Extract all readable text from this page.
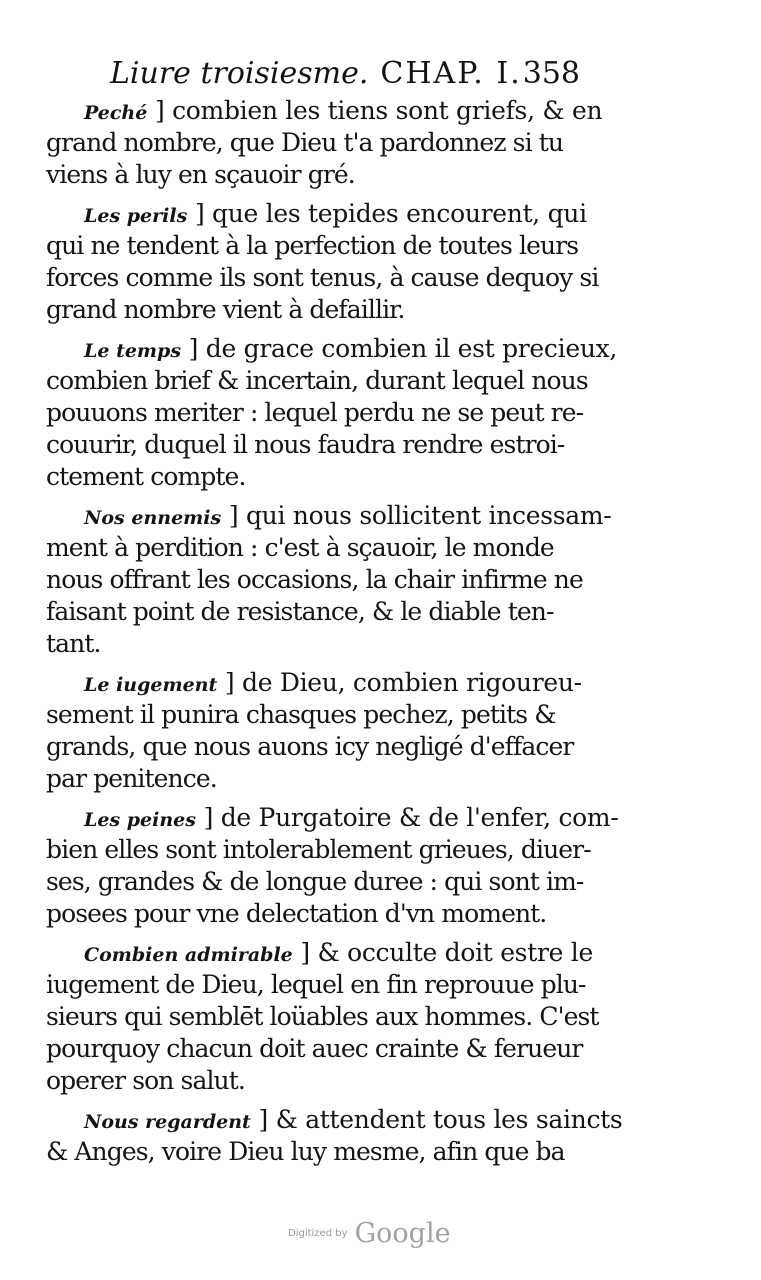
Liure troisiesme. CHAP. I. 358
Peché ] combien les tiens sont griefs, & en
grand nombre, que Dieu t'a pardonnez si tu
viens à luy en sçauoir gré.
Les perils ] que les tepides encourent, qui
qui ne tendent à la perfection de toutes leurs
forces comme ils sont tenus, à cause dequoy si
grand nombre vient à defaillir.
Le temps ] de grace combien il est precieux,
combien brief & incertain, durant lequel nous
pouuons meriter : lequel perdu ne se peut re-
couurir, duquel il nous faudra rendre estroi-
ctement compte.
Nos ennemis ] qui nous sollicitent incessam-
ment à perdition : c'est à sçauoir, le monde
nous offrant les occasions, la chair infirme ne
faisant point de resistance, & le diable ten-
tant.
Le iugement ] de Dieu, combien rigoureu-
sement il punira chasques pechez, petits &
grands, que nous auons icy negligé d'effacer
par penitence.
Les peines ] de Purgatoire & de l'enfer, com-
bien elles sont intolerablement grieues, diuer-
ses, grandes & de longue duree : qui sont im-
posees pour vne delectation d'vn moment.
Combien admirable ] & occulte doit estre le
iugement de Dieu, lequel en fin reprouue plu-
sieurs qui semblēt loüables aux hommes. C'est
pourquoy chacun doit auec crainte & ferueur
operer son salut.
Nous regardent ] & attendent tous les saincts
& Anges, voire Dieu luy mesme, afin que ba
Digitized by Google
